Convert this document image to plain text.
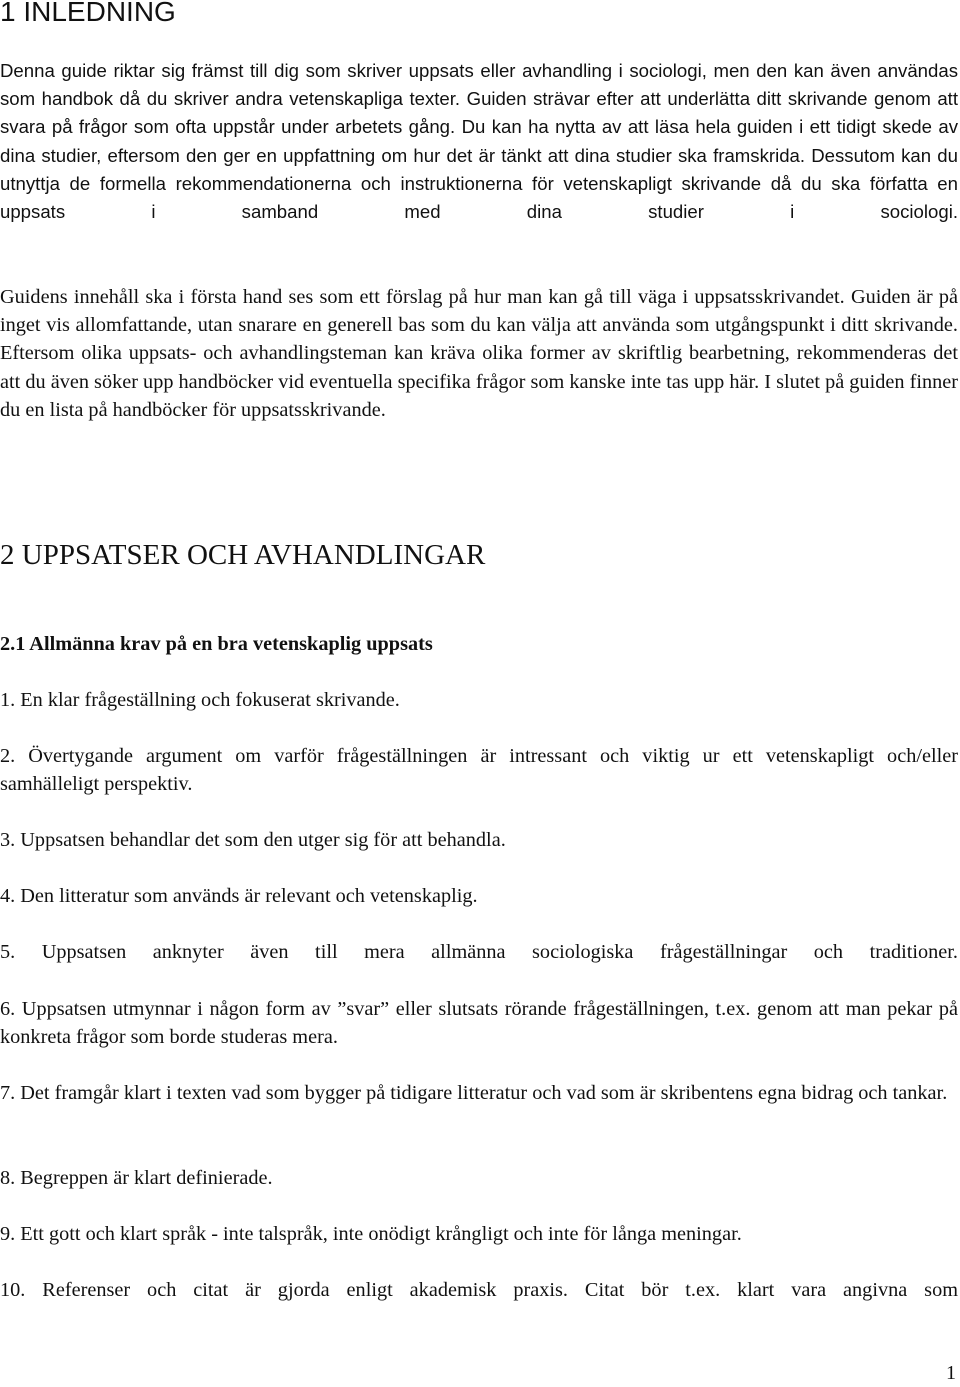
1 INLEDNING

Denna guide riktar sig främst till dig som skriver uppsats eller avhandling i sociologi, men den kan även användas som handbok då du skriver andra vetenskapliga texter. Guiden strävar efter att underlätta ditt skrivande genom att svara på frågor som ofta uppstår under arbetets gång. Du kan ha nytta av att läsa hela guiden i ett tidigt skede av dina studier, eftersom den ger en uppfattning om hur det är tänkt att dina studier ska framskrida. Dessutom kan du utnyttja de formella rekommendationerna och instruktionerna för vetenskapligt skrivande då du ska författa en uppsats i samband med dina studier i sociologi.

Guidens innehåll ska i första hand ses som ett förslag på hur man kan gå till väga i uppsatsskrivandet. Guiden är på inget vis allomfattande, utan snarare en generell bas som du kan välja att använda som utgångspunkt i ditt skrivande. Eftersom olika uppsats- och avhandlingsteman kan kräva olika former av skriftlig bearbetning, rekommenderas det att du även söker upp handböcker vid eventuella specifika frågor som kanske inte tas upp här. I slutet på guiden finner du en lista på handböcker för uppsatsskrivande.

2 UPPSATSER OCH AVHANDLINGAR
2.1 Allmänna krav på en bra vetenskaplig uppsats

1. En klar frågeställning och fokuserat skrivande.

2. Övertygande argument om varför frågeställningen är intressant och viktig ur ett vetenskapligt och/eller samhälleligt perspektiv.

3. Uppsatsen behandlar det som den utger sig för att behandla.

4. Den litteratur som används är relevant och vetenskaplig.

5. Uppsatsen anknyter även till mera allmänna sociologiska frågeställningar och traditioner.

6. Uppsatsen utmynnar i någon form av ”svar” eller slutsats rörande frågeställningen, t.ex. genom att man pekar på konkreta frågor som borde studeras mera.

7. Det framgår klart i texten vad som bygger på tidigare litteratur och vad som är skribentens egna bidrag och tankar.

8. Begreppen är klart definierade.

9. Ett gott och klart språk - inte talspråk, inte onödigt krångligt och inte för långa meningar.

10. Referenser och citat är gjorda enligt akademisk praxis. Citat bör t.ex. klart vara angivna som

1
